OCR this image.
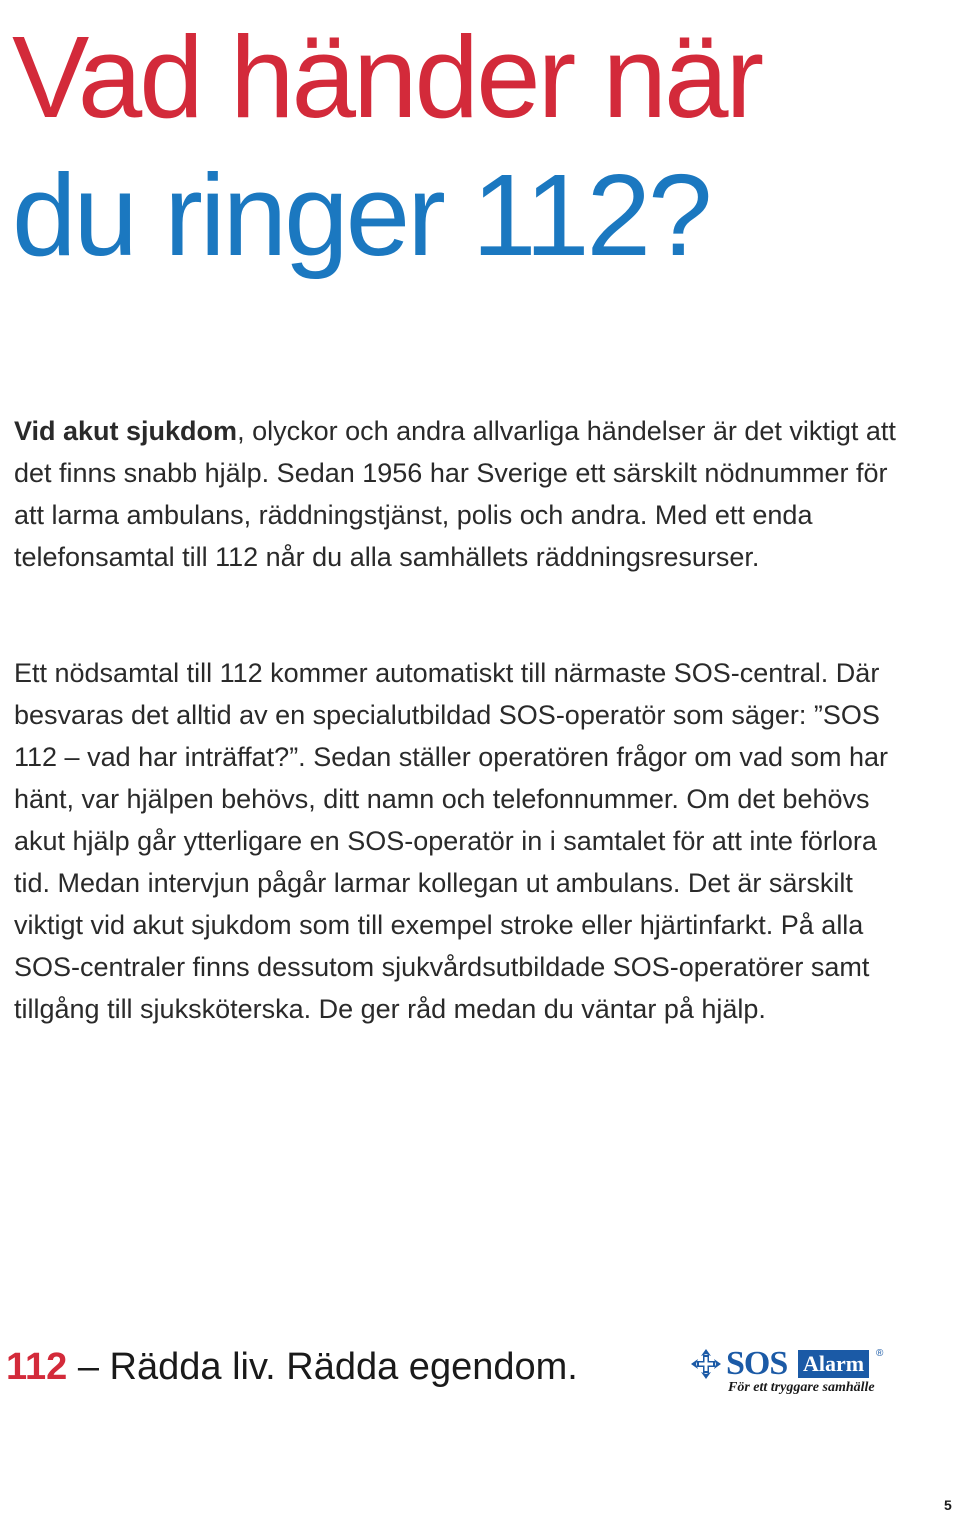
Vad händer när
du ringer 112?

Vid akut sjukdom, olyckor och andra allvarliga händelser är det viktigt att det finns snabb hjälp. Sedan 1956 har Sverige ett särskilt nödnummer för att larma ambulans, räddningstjänst, polis och andra. Med ett enda telefonsamtal till 112 når du alla samhällets räddningsresurser.

Ett nödsamtal till 112 kommer automatiskt till närmaste SOS-central. Där besvaras det alltid av en specialutbildad SOS-operatör som säger: ”SOS 112 – vad har inträffat?”. Sedan ställer operatören frågor om vad som har hänt, var hjälpen behövs, ditt namn och telefonnummer. Om det behövs akut hjälp går ytterligare en SOS-operatör in i samtalet för att inte förlora tid. Medan intervjun pågår larmar kollegan ut ambulans. Det är särskilt viktigt vid akut sjukdom som till exempel stroke eller hjärtinfarkt. På alla SOS-centraler finns dessutom sjukvårdsutbildade SOS-operatörer samt tillgång till sjuksköterska. De ger råd medan du väntar på hjälp.

112 – Rädda liv. Rädda egendom.	SOS Alarm	®
För ett tryggare samhälle

5
